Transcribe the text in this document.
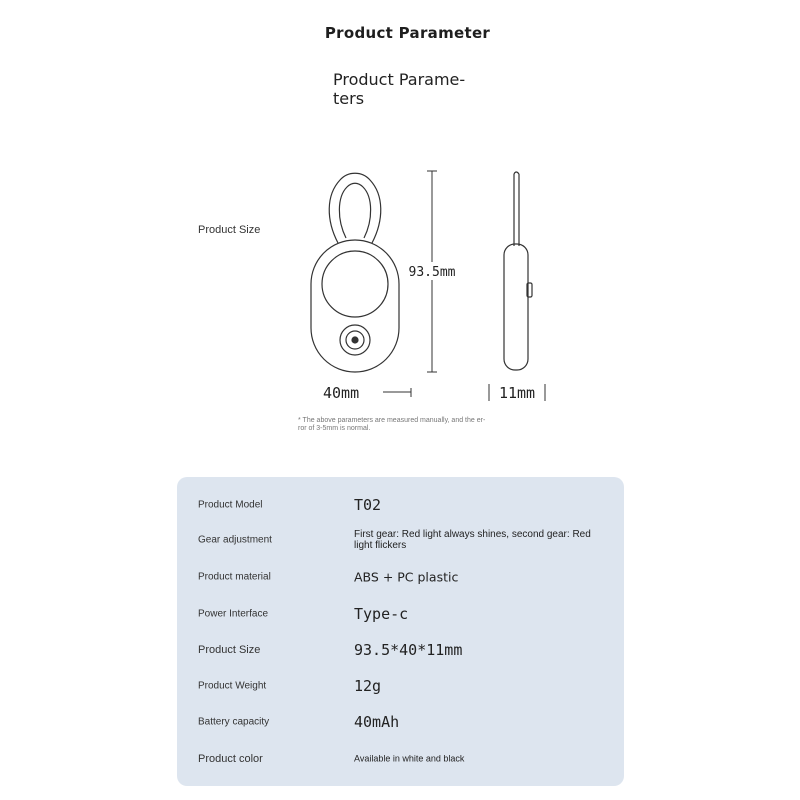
Product Parameter
Product Parame-
ters
Product Size
93.5mm
40mm	11mm
* The above parameters are measured manually, and the er-
ror of 3-5mm is normal.
Product Model	T02
Gear adjustment	First gear: Red light always shines, second gear: Red light flickers
Product material	ABS + PC plastic
Power Interface	Type-c
Product Size	93.5*40*11mm
Product Weight	12g
Battery capacity	40mAh
Product color	Available in white and black
